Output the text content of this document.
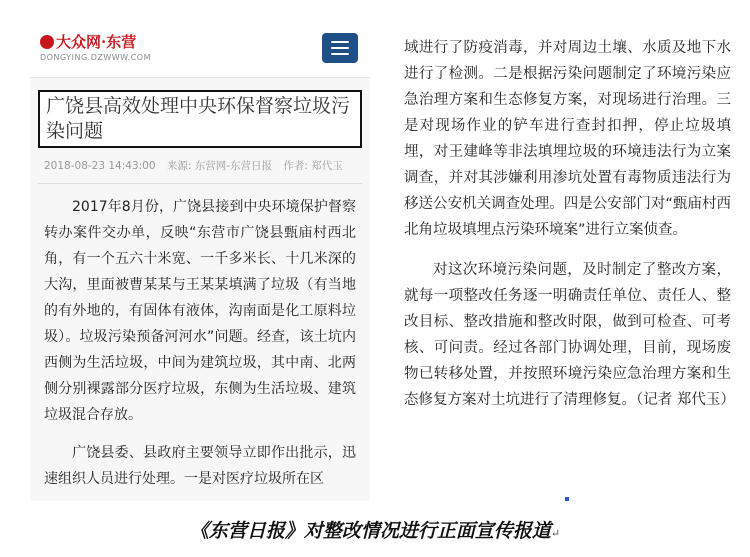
大众网·东营
DONGYING.DZWWW.COM
广饶县高效处理中央环保督察垃圾污染问题
2018-08-23 14:43:00 来源: 东营网-东营日报 作者: 郑代玉

2017年8月份，广饶县接到中央环境保护督察转办案件交办单，反映“东营市广饶县甄庙村西北角，有一个五六十米宽、一千多米长、十几米深的大沟，里面被曹某某与王某某填满了垃圾（有当地的有外地的，有固体有液体，沟南面是化工原料垃圾）。垃圾污染预备河河水”问题。经查，该土坑内西侧为生活垃圾，中间为建筑垃圾，其中南、北两侧分别裸露部分医疗垃圾，东侧为生活垃圾、建筑垃圾混合存放。

广饶县委、县政府主要领导立即作出批示，迅速组织人员进行处理。一是对医疗垃圾所在区

域进行了防疫消毒，并对周边土壤、水质及地下水进行了检测。二是根据污染问题制定了环境污染应急治理方案和生态修复方案，对现场进行治理。三是对现场作业的铲车进行查封扣押，停止垃圾填埋，对王建峰等非法填埋垃圾的环境违法行为立案调查，并对其涉嫌利用渗坑处置有毒物质违法行为移送公安机关调查处理。四是公安部门对“甄庙村西北角垃圾填埋点污染环境案”进行立案侦查。

对这次环境污染问题，及时制定了整改方案，就每一项整改任务逐一明确责任单位、责任人、整改目标、整改措施和整改时限，做到可检查、可考核、可问责。经过各部门协调处理，目前，现场废物已转移处置，并按照环境污染应急治理方案和生态修复方案对土坑进行了清理修复。（记者 郑代玉）

《东营日报》对整改情况进行正面宣传报道↵
